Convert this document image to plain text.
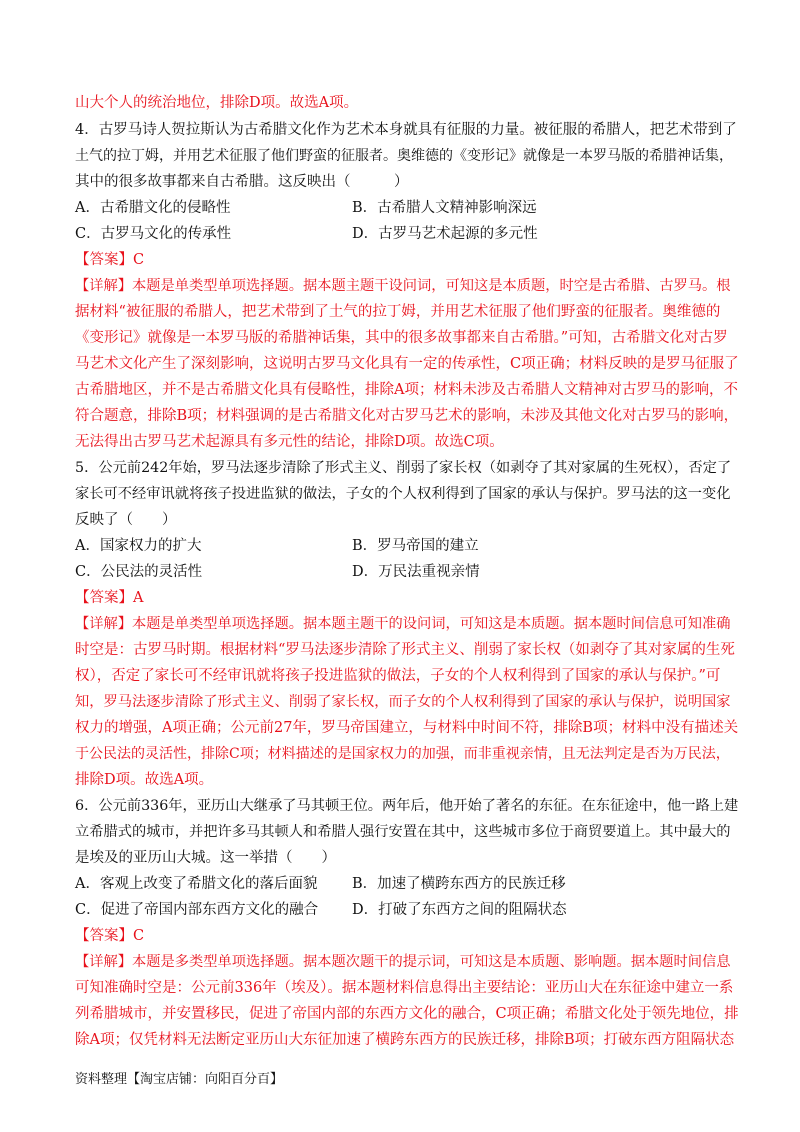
山大个人的统治地位，排除D项。故选A项。
4．古罗马诗人贺拉斯认为古希腊文化作为艺术本身就具有征服的力量。被征服的希腊人，把艺术带到了
土气的拉丁姆，并用艺术征服了他们野蛮的征服者。奥维德的《变形记》就像是一本罗马版的希腊神话集，
其中的很多故事都来自古希腊。这反映出（　　　）
A．古希腊文化的侵略性	B．古希腊人文精神影响深远
C．古罗马文化的传承性	D．古罗马艺术起源的多元性
【答案】C
【详解】本题是单类型单项选择题。据本题主题干设问词，可知这是本质题，时空是古希腊、古罗马。根
据材料“被征服的希腊人，把艺术带到了土气的拉丁姆，并用艺术征服了他们野蛮的征服者。奥维德的
《变形记》就像是一本罗马版的希腊神话集，其中的很多故事都来自古希腊。”可知，古希腊文化对古罗
马艺术文化产生了深刻影响，这说明古罗马文化具有一定的传承性，C项正确；材料反映的是罗马征服了
古希腊地区，并不是古希腊文化具有侵略性，排除A项；材料未涉及古希腊人文精神对古罗马的影响，不
符合题意，排除B项；材料强调的是古希腊文化对古罗马艺术的影响，未涉及其他文化对古罗马的影响，
无法得出古罗马艺术起源具有多元性的结论，排除D项。故选C项。
5．公元前242年始，罗马法逐步清除了形式主义、削弱了家长权（如剥夺了其对家属的生死权），否定了
家长可不经审讯就将孩子投进监狱的做法，子女的个人权利得到了国家的承认与保护。罗马法的这一变化
反映了（　　）
A．国家权力的扩大	B．罗马帝国的建立
C．公民法的灵活性	D．万民法重视亲情
【答案】A
【详解】本题是单类型单项选择题。据本题主题干的设问词，可知这是本质题。据本题时间信息可知准确
时空是：古罗马时期。根据材料“罗马法逐步清除了形式主义、削弱了家长权（如剥夺了其对家属的生死
权），否定了家长可不经审讯就将孩子投进监狱的做法，子女的个人权利得到了国家的承认与保护。”可
知，罗马法逐步清除了形式主义、削弱了家长权，而子女的个人权利得到了国家的承认与保护，说明国家
权力的增强，A项正确；公元前27年，罗马帝国建立，与材料中时间不符，排除B项；材料中没有描述关
于公民法的灵活性，排除C项；材料描述的是国家权力的加强，而非重视亲情，且无法判定是否为万民法，
排除D项。故选A项。
6．公元前336年，亚历山大继承了马其顿王位。两年后，他开始了著名的东征。在东征途中，他一路上建
立希腊式的城市，并把许多马其顿人和希腊人强行安置在其中，这些城市多位于商贸要道上。其中最大的
是埃及的亚历山大城。这一举措（　　）
A．客观上改变了希腊文化的落后面貌 B．加速了横跨东西方的民族迁移
C．促进了帝国内部东西方文化的融合 D．打破了东西方之间的阻隔状态
【答案】C
【详解】本题是多类型单项选择题。据本题次题干的提示词，可知这是本质题、影响题。据本题时间信息
可知准确时空是：公元前336年（埃及）。据本题材料信息得出主要结论：亚历山大在东征途中建立一系
列希腊城市，并安置移民，促进了帝国内部的东西方文化的融合，C项正确；希腊文化处于领先地位，排
除A项；仅凭材料无法断定亚历山大东征加速了横跨东西方的民族迁移，排除B项；打破东西方阻隔状态
资料整理【淘宝店铺：向阳百分百】
